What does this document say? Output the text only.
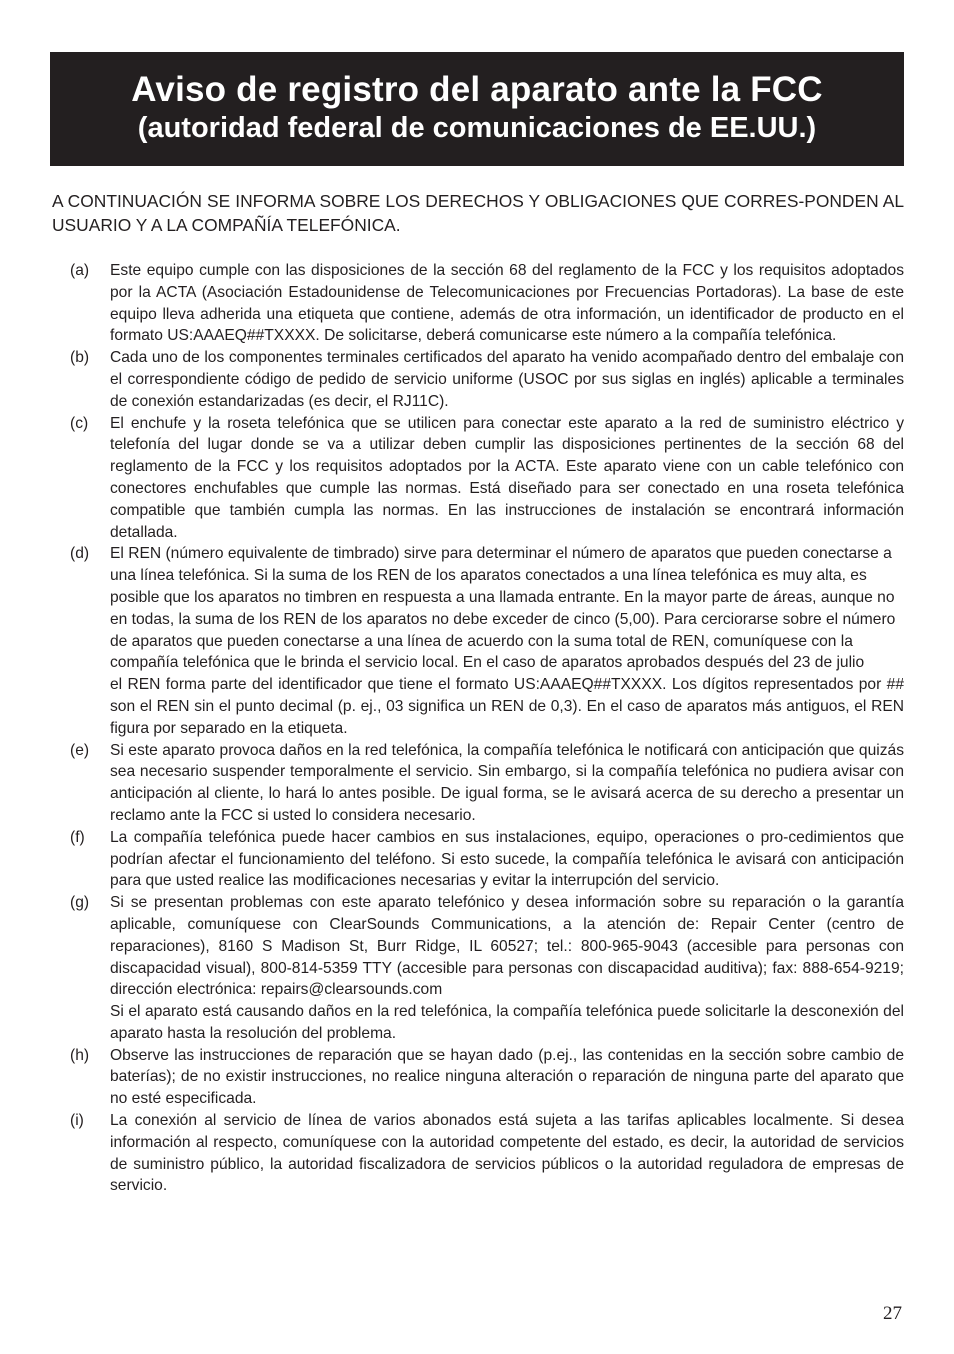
Aviso de registro del aparato ante la FCC
(autoridad federal de comunicaciones de EE.UU.)
A CONTINUACIÓN SE INFORMA SOBRE LOS DERECHOS Y OBLIGACIONES QUE CORRES-PONDEN AL USUARIO Y A LA COMPAÑÍA TELEFÓNICA.
(a)	Este equipo cumple con las disposiciones de la sección 68 del reglamento de la FCC y los requisitos adoptados por la ACTA (Asociación Estadounidense de Telecomunicaciones por Frecuencias Portadoras). La base de este equipo lleva adherida una etiqueta que contiene, además de otra información, un identificador de producto en el formato US:AAAEQ##TXXXX. De solicitarse, deberá comunicarse este número a la compañía telefónica.
(b)	Cada uno de los componentes terminales certificados del aparato ha venido acompañado dentro del embalaje con el correspondiente código de pedido de servicio uniforme (USOC por sus siglas en inglés) aplicable a terminales de conexión estandarizadas (es decir, el RJ11C).
(c)	El enchufe y la roseta telefónica que se utilicen para conectar este aparato a la red de suministro eléctrico y telefonía del lugar donde se va a utilizar deben cumplir las disposiciones pertinentes de la sección 68 del reglamento de la FCC y los requisitos adoptados por la ACTA. Este aparato viene con un cable telefónico con conectores enchufables que cumple las normas. Está diseñado para ser conectado en una roseta telefónica compatible que también cumpla las normas. En las instrucciones de instalación se encontrará información detallada.
(d)	El REN (número equivalente de timbrado) sirve para determinar el número de aparatos que pueden conectarse a una línea telefónica. Si la suma de los REN de los aparatos conectados a una línea telefónica es muy alta, es posible que los aparatos no timbren en respuesta a una llamada entrante. En la mayor parte de áreas, aunque no en todas, la suma de los REN de los aparatos no debe exceder de cinco (5,00). Para cerciorarse sobre el número de aparatos que pueden conectarse a una línea de acuerdo con la suma total de REN, comuníquese con la compañía telefónica que le brinda el servicio local. En el caso de aparatos aprobados después del 23 de julio
el REN forma parte del identificador que tiene el formato US:AAAEQ##TXXXX. Los dígitos representados por ## son el REN sin el punto decimal (p. ej., 03 significa un REN de 0,3). En el caso de aparatos más antiguos, el REN figura por separado en la etiqueta.
(e)	Si este aparato provoca daños en la red telefónica, la compañía telefónica le notificará con anticipación que quizás sea necesario suspender temporalmente el servicio. Sin embargo, si la compañía telefónica no pudiera avisar con anticipación al cliente, lo hará lo antes posible. De igual forma, se le avisará acerca de su derecho a presentar un reclamo ante la FCC si usted lo considera necesario.
(f)	La compañía telefónica puede hacer cambios en sus instalaciones, equipo, operaciones o pro-cedimientos que podrían afectar el funcionamiento del teléfono. Si esto sucede, la compañía telefónica le avisará con anticipación para que usted realice las modificaciones necesarias y evitar la interrupción del servicio.
(g)	Si se presentan problemas con este aparato telefónico y desea información sobre su reparación o la garantía aplicable, comuníquese con ClearSounds Communications, a la atención de: Repair Center (centro de reparaciones), 8160 S Madison St, Burr Ridge, IL 60527; tel.: 800-965-9043 (accesible para personas con discapacidad visual), 800-814-5359 TTY (accesible para personas con discapacidad auditiva); fax: 888-654-9219; dirección electrónica: repairs@clearsounds.com
Si el aparato está causando daños en la red telefónica, la compañía telefónica puede solicitarle la desconexión del aparato hasta la resolución del problema.
(h)	Observe las instrucciones de reparación que se hayan dado (p.ej., las contenidas en la sección sobre cambio de baterías); de no existir instrucciones, no realice ninguna alteración o reparación de ninguna parte del aparato que no esté especificada.
(i)	La conexión al servicio de línea de varios abonados está sujeta a las tarifas aplicables localmente. Si desea información al respecto, comuníquese con la autoridad competente del estado, es decir, la autoridad de servicios de suministro público, la autoridad fiscalizadora de servicios públicos o la autoridad reguladora de empresas de servicio.
27
